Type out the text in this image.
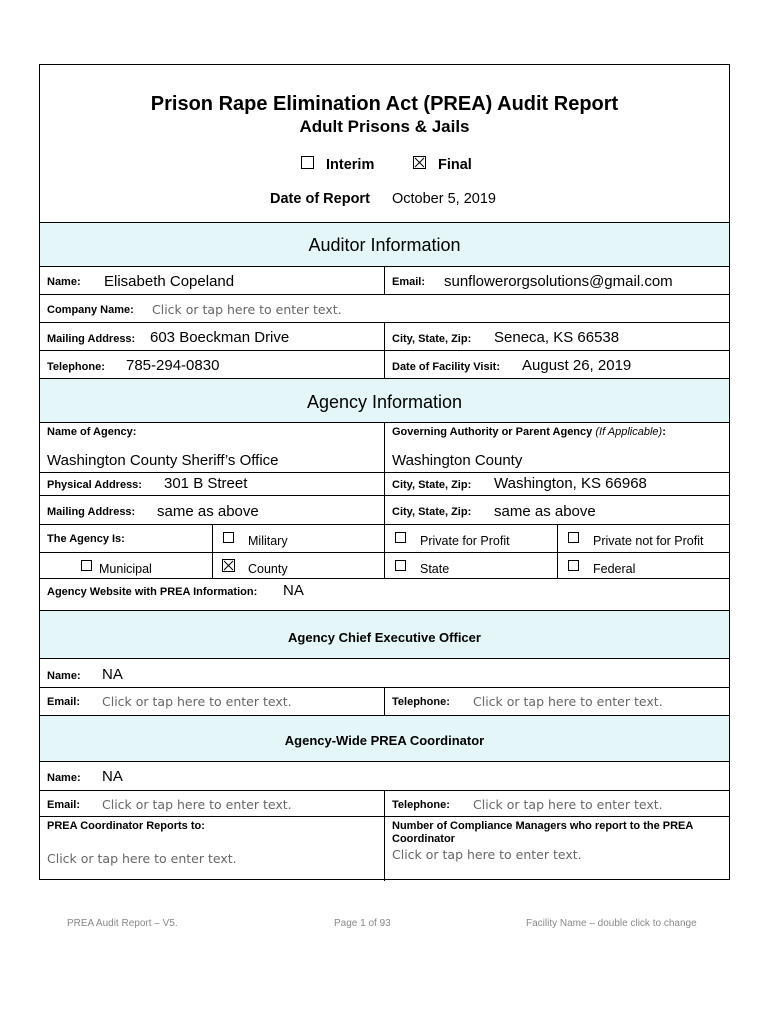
Prison Rape Elimination Act (PREA) Audit Report
Adult Prisons & Jails
Interim	Final
Date of Report October 5, 2019
Auditor Information
Name: Elisabeth Copeland	Email: sunflowerorgsolutions@gmail.com
Company Name: Click or tap here to enter text.
Mailing Address: 603 Boeckman Drive	City, State, Zip: Seneca, KS 66538
Telephone: 785-294-0830	Date of Facility Visit: August 26, 2019
Agency Information
Name of Agency:
Washington County Sheriff’s Office
Governing Authority or Parent Agency (If Applicable):
Washington County
Physical Address: 301 B Street	City, State, Zip: Washington, KS 66968
Mailing Address: same as above	City, State, Zip: same as above
The Agency Is:	Military	Private for Profit	Private not for Profit
Municipal	County	State	Federal
Agency Website with PREA Information: NA
Agency Chief Executive Officer
Name: NA
Email: Click or tap here to enter text.	Telephone: Click or tap here to enter text.
Agency-Wide PREA Coordinator
Name: NA
Email: Click or tap here to enter text.	Telephone: Click or tap here to enter text.
PREA Coordinator Reports to:
Click or tap here to enter text.
Number of Compliance Managers who report to the PREA Coordinator
Click or tap here to enter text.
PREA Audit Report – V5.	Page 1 of 93	Facility Name – double click to change
